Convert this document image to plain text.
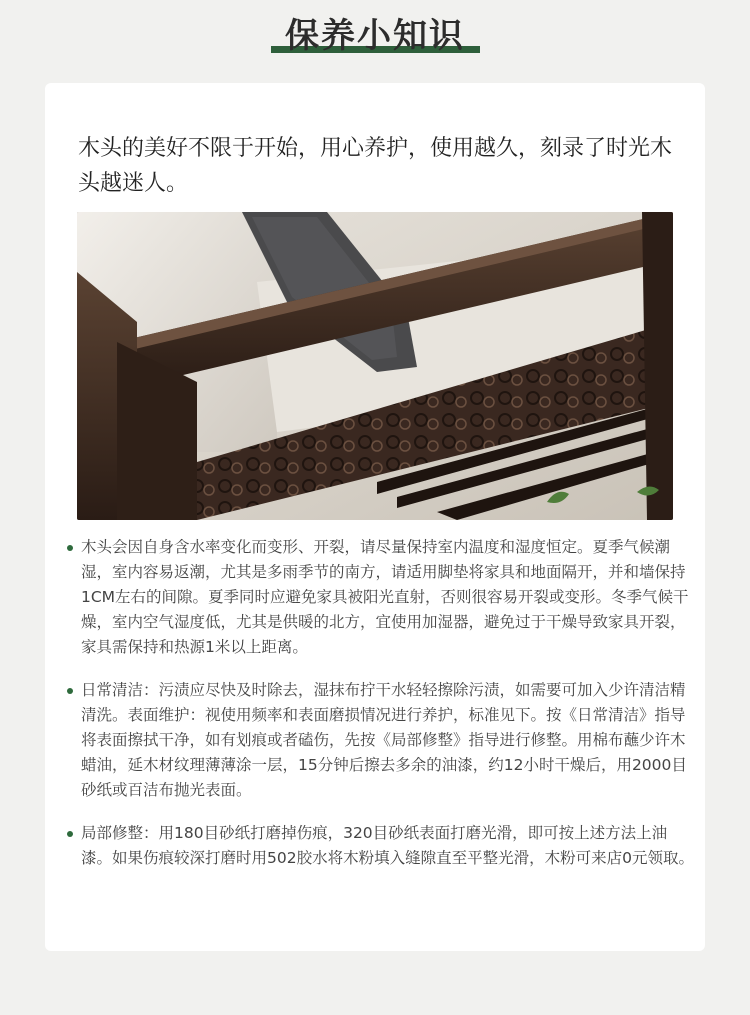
保养小知识
木头的美好不限于开始，用心养护，使用越久，刻录了时光木头越迷人。
木头会因自身含水率变化而变形、开裂，请尽量保持室内温度和湿度恒定。夏季气候潮湿，室内容易返潮，尤其是多雨季节的南方，请适用脚垫将家具和地面隔开，并和墙保持1CM左右的间隙。夏季同时应避免家具被阳光直射，否则很容易开裂或变形。冬季气候干燥，室内空气湿度低，尤其是供暖的北方，宜使用加湿器，避免过于干燥导致家具开裂，家具需保持和热源1米以上距离。
日常清洁：污渍应尽快及时除去，湿抹布拧干水轻轻擦除污渍，如需要可加入少许清洁精清洗。表面维护：视使用频率和表面磨损情况进行养护，标准见下。按《日常清洁》指导将表面擦拭干净，如有划痕或者磕伤，先按《局部修整》指导进行修整。用棉布蘸少许木蜡油，延木材纹理薄薄涂一层，15分钟后擦去多余的油漆，约12小时干燥后，用2000目砂纸或百洁布抛光表面。
局部修整：用180目砂纸打磨掉伤痕，320目砂纸表面打磨光滑，即可按上述方法上油漆。如果伤痕较深打磨时用502胶水将木粉填入缝隙直至平整光滑，木粉可来店0元领取。
